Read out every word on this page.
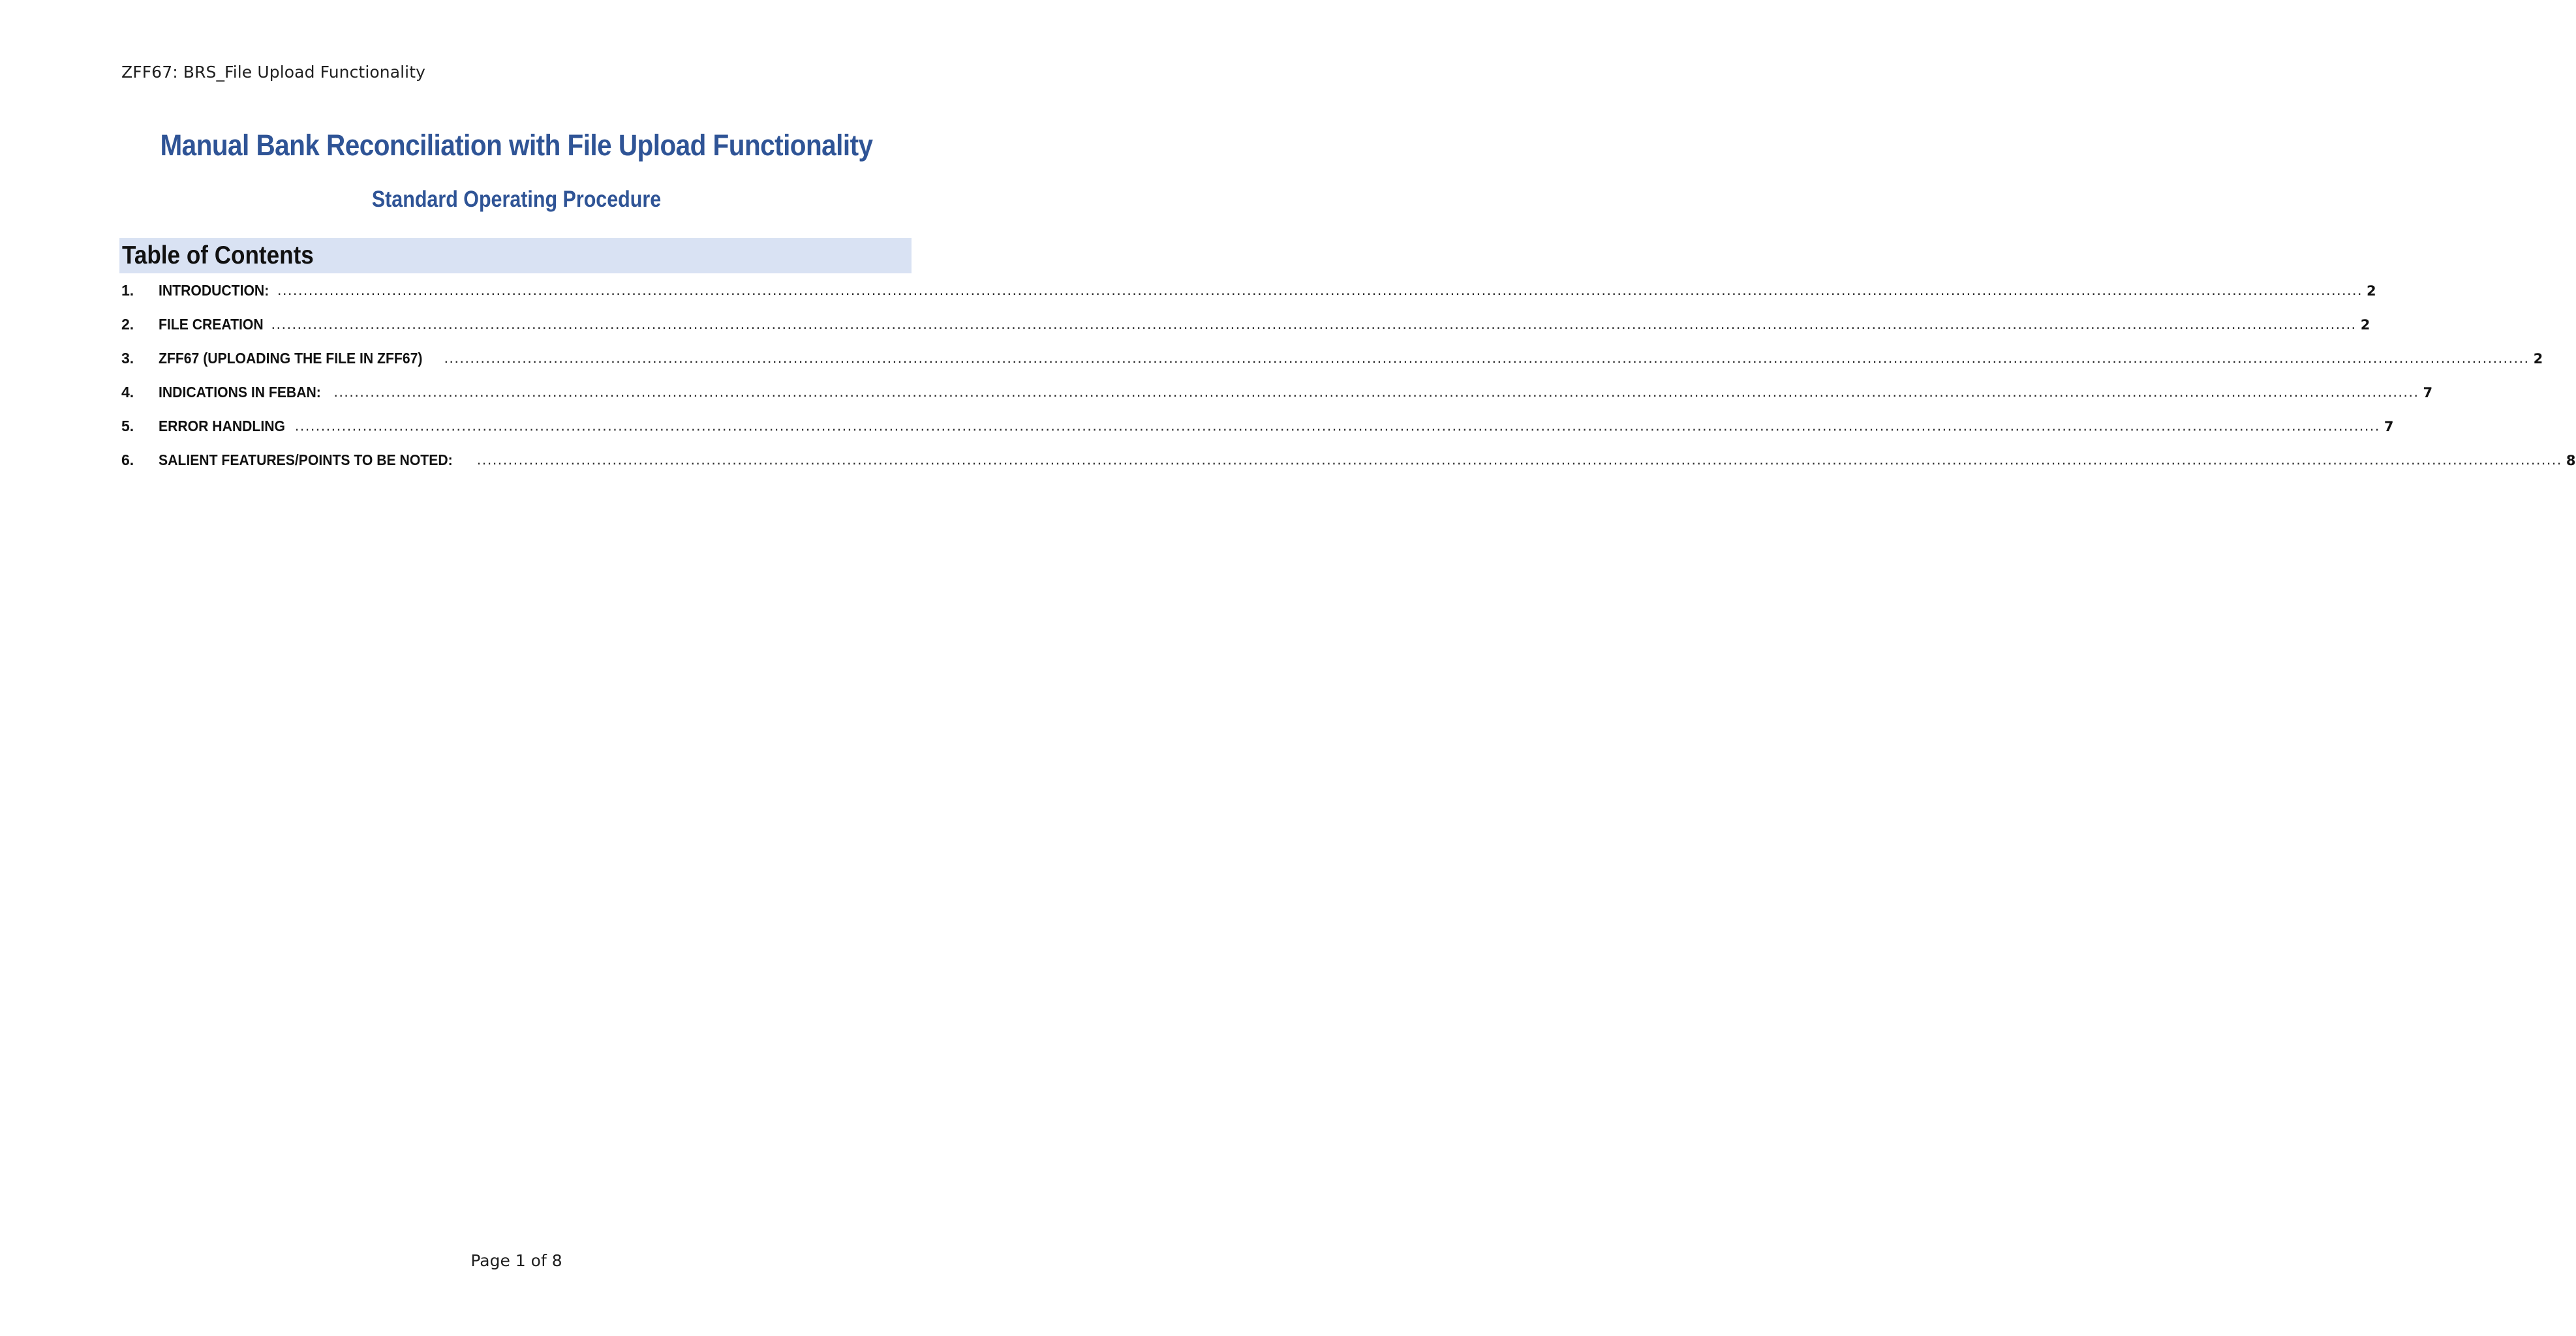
ZFF67: BRS_File Upload Functionality
Manual Bank Reconciliation with File Upload Functionality
Standard Operating Procedure
Table of Contents
1.	INTRODUCTION: ................................................................................................................................................................................................................................................................................................................................................................................................................ 2
2.	FILE CREATION ................................................................................................................................................................................................................................................................................................................................................................................................................ 2
3.	ZFF67 (UPLOADING THE FILE IN ZFF67) ................................................................................................................................................................................................................................................................................................................................................................................................................ 2
4.	INDICATIONS IN FEBAN: ................................................................................................................................................................................................................................................................................................................................................................................................................ 7
5.	ERROR HANDLING ................................................................................................................................................................................................................................................................................................................................................................................................................ 7
6.	SALIENT FEATURES/POINTS TO BE NOTED: ................................................................................................................................................................................................................................................................................................................................................................................................................ 8
Page 1 of 8
